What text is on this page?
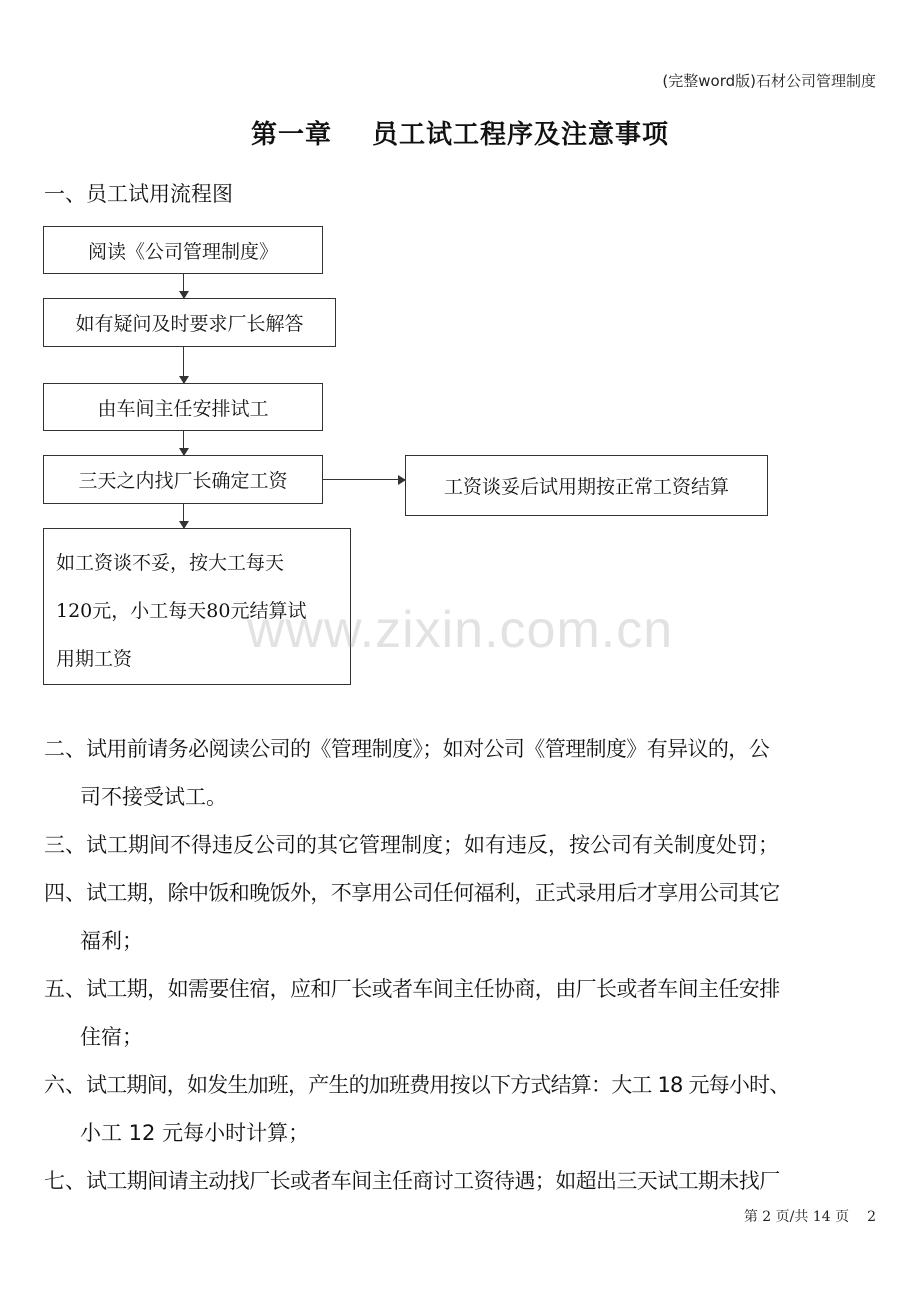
(完整word版)石材公司管理制度
第一章 员工试工程序及注意事项
一、员工试用流程图
阅读《公司管理制度》
如有疑问及时要求厂长解答
由车间主任安排试工
三天之内找厂长确定工资	工资谈妥后试用期按正常工资结算
如工资谈不妥，按大工每天
120元，小工每天80元结算试
用期工资	www.zixin.com.cn
二、 试用前请务必阅读公司的《管理制度》；如对公司《管理制度》有异议的，公
司不接受试工。
三、 试工期间不得违反公司的其它管理制度；如有违反，按公司有关制度处罚；
四、 试工期，除中饭和晚饭外，不享用公司任何福利，正式录用后才享用公司其它
福利；
五、 试工期，如需要住宿，应和厂长或者车间主任协商，由厂长或者车间主任安排
住宿；
六、 试工期间，如发生加班，产生的加班费用按以下方式结算：大工 18 元每小时、
小工 12 元每小时计算；
七、 试工期间请主动找厂长或者车间主任商讨工资待遇；如超出三天试工期未找厂
第 2 页/共 14 页 2
